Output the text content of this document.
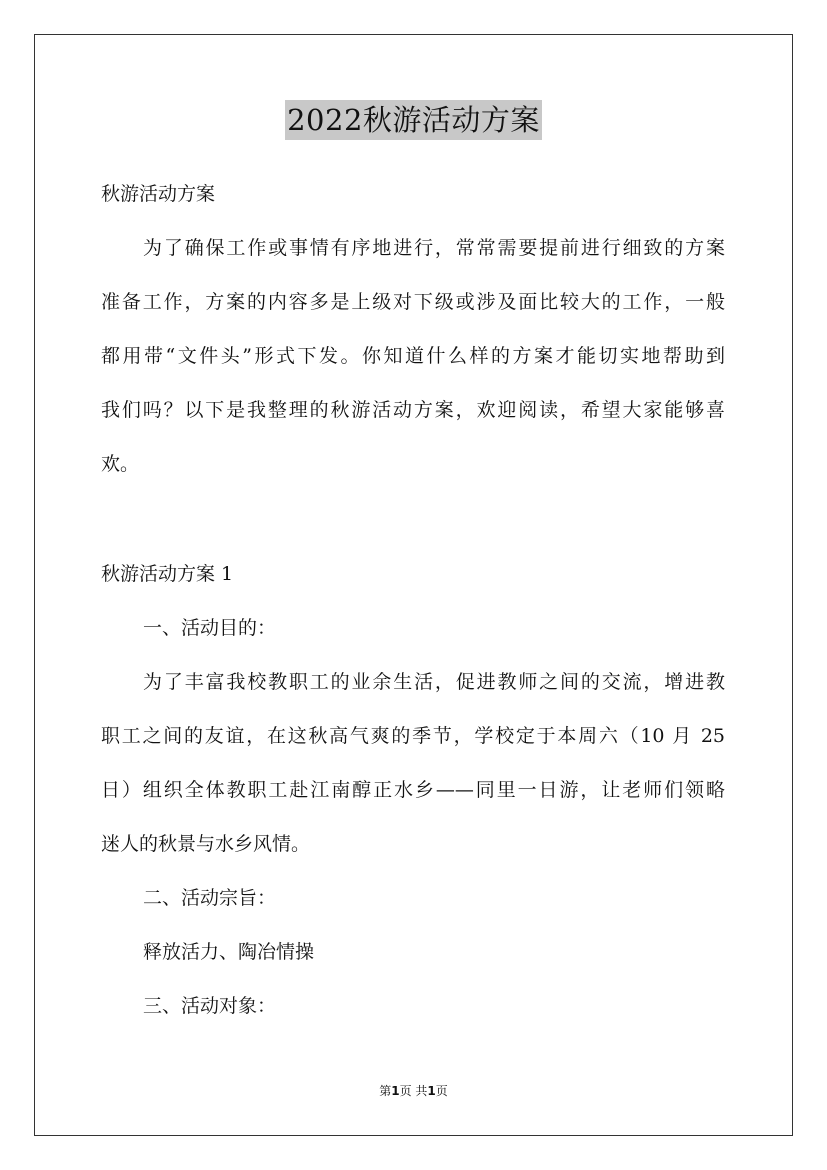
2022秋游活动方案
秋游活动方案
为了确保工作或事情有序地进行，常常需要提前进行细致的方案
准备工作，方案的内容多是上级对下级或涉及面比较大的工作，一般
都用带“文件头”形式下发。你知道什么样的方案才能切实地帮助到
我们吗？以下是我整理的秋游活动方案，欢迎阅读，希望大家能够喜
欢。
秋游活动方案 1
一、活动目的：
为了丰富我校教职工的业余生活，促进教师之间的交流，增进教
职工之间的友谊，在这秋高气爽的季节，学校定于本周六（10 月 25
日）组织全体教职工赴江南醇正水乡——同里一日游，让老师们领略
迷人的秋景与水乡风情。
二、活动宗旨：
释放活力、陶冶情操
三、活动对象：
第1页 共1页
